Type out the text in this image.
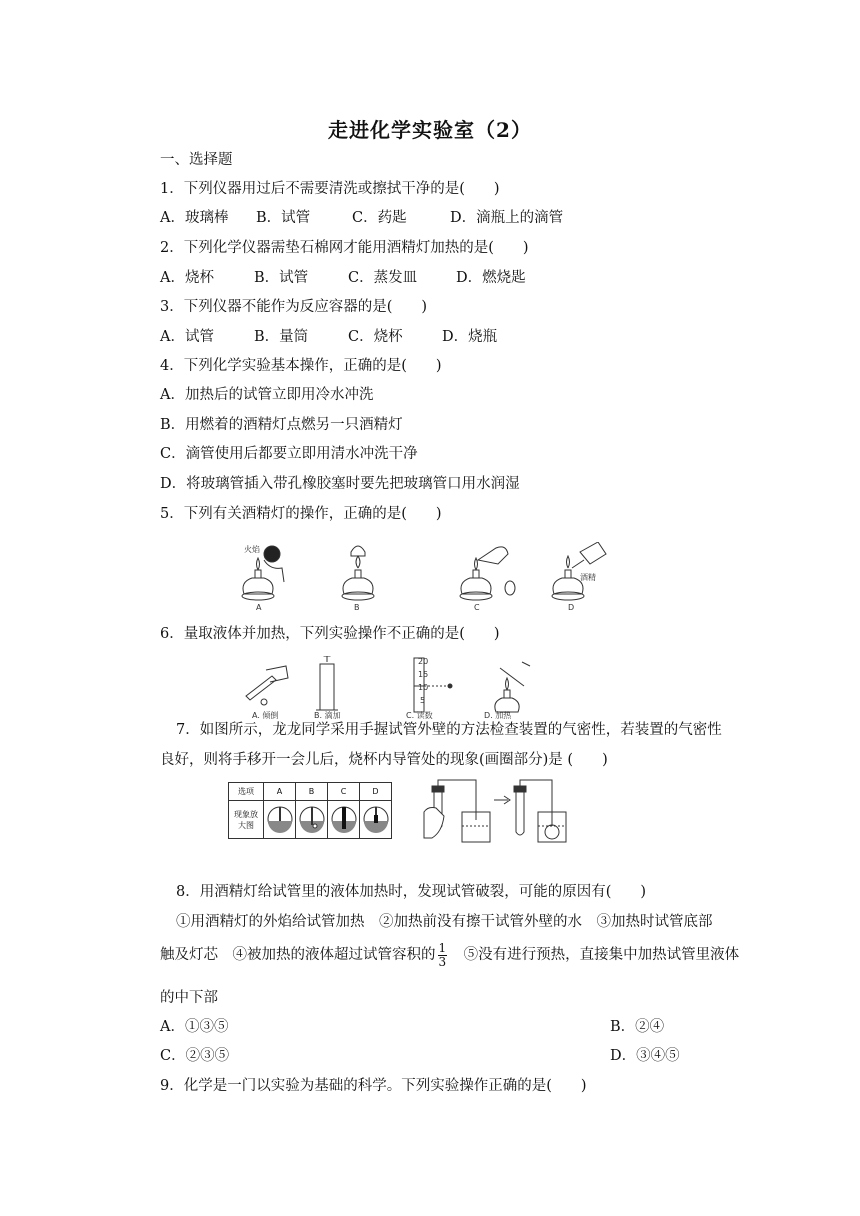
走进化学实验室（2）
一、选择题
1．下列仪器用过后不需要清洗或擦拭干净的是(　　)
A．玻璃棒 B．试管	C．药匙	D．滴瓶上的滴管
2．下列化学仪器需垫石棉网才能用酒精灯加热的是(　　)
A．烧杯	B．试管	C．蒸发皿	D．燃烧匙
3．下列仪器不能作为反应容器的是(　　)
A．试管	B．量筒	C．烧杯	D．烧瓶
4．下列化学实验基本操作，正确的是(　　)
A．加热后的试管立即用冷水冲洗
B．用燃着的酒精灯点燃另一只酒精灯
C．滴管使用后都要立即用清水冲洗干净
D．将玻璃管插入带孔橡胶塞时要先把玻璃管口用水润湿
5．下列有关酒精灯的操作，正确的是(　　)
火焰
酒精
A	B	C	D
6．量取液体并加热，下列实验操作不正确的是(　　)
20
15
10
5
A. 倾倒	B. 滴加	C. 读数	D. 加热
7．如图所示，龙龙同学采用手握试管外壁的方法检查装置的气密性，若装置的气密性
良好，则将手移开一会儿后，烧杯内导管处的现象(画圈部分)是 (　　)
选项	A	B	C	D

现象放
大图

8．用酒精灯给试管里的液体加热时，发现试管破裂，可能的原因有(　　)
①用酒精灯的外焰给试管加热　②加热前没有擦干试管外壁的水　③加热时试管底部
触及灯芯　④被加热的液体超过试管容积的 $\frac{1}{3}$ 　⑤没有进行预热，直接集中加热试管里液体
的中下部
A．①③⑤	B．②④
C．②③⑤	D．③④⑤
9．化学是一门以实验为基础的科学。下列实验操作正确的是(　　)
